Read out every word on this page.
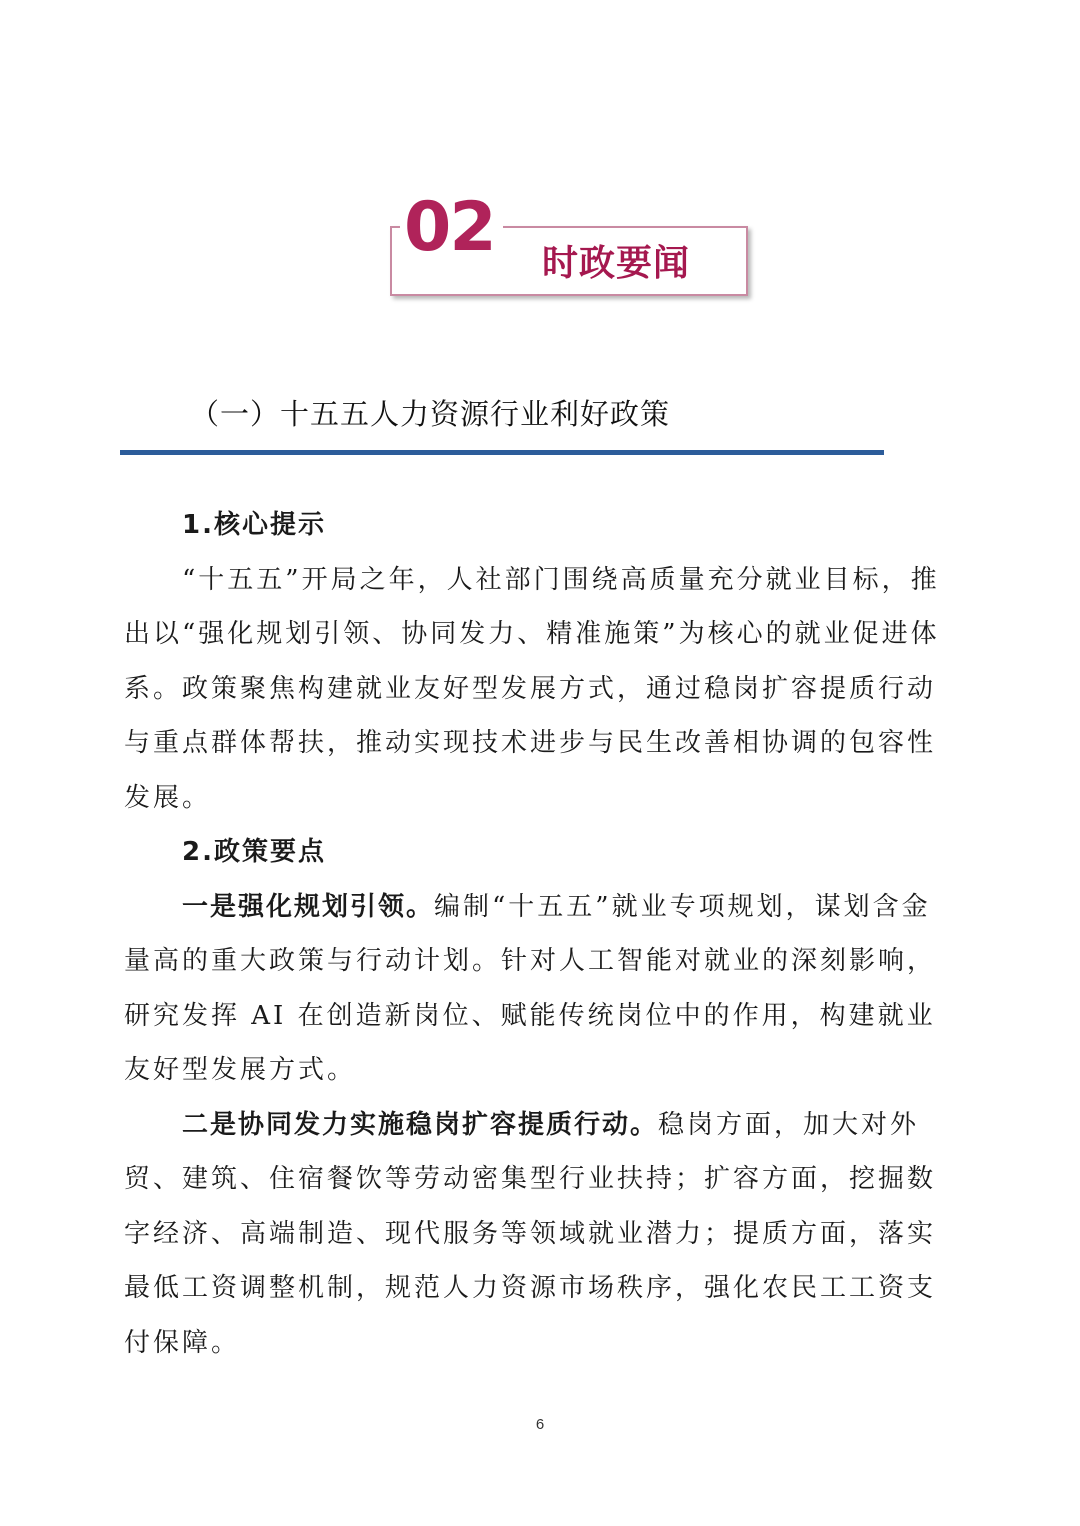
02 时政要闻
（一）十五五人力资源行业利好政策

1.核心提示

“十五五”开局之年，人社部门围绕高质量充分就业目标，推出以“强化规划引领、协同发力、精准施策”为核心的就业促进体系。政策聚焦构建就业友好型发展方式，通过稳岗扩容提质行动与重点群体帮扶，推动实现技术进步与民生改善相协调的包容性发展。

2.政策要点

一是强化规划引领。编制“十五五”就业专项规划，谋划含金量高的重大政策与行动计划。针对人工智能对就业的深刻影响，研究发挥 AI 在创造新岗位、赋能传统岗位中的作用，构建就业友好型发展方式。

二是协同发力实施稳岗扩容提质行动。稳岗方面，加大对外贸、建筑、住宿餐饮等劳动密集型行业扶持；扩容方面，挖掘数字经济、高端制造、现代服务等领域就业潜力；提质方面，落实最低工资调整机制，规范人力资源市场秩序，强化农民工工资支付保障。

6
